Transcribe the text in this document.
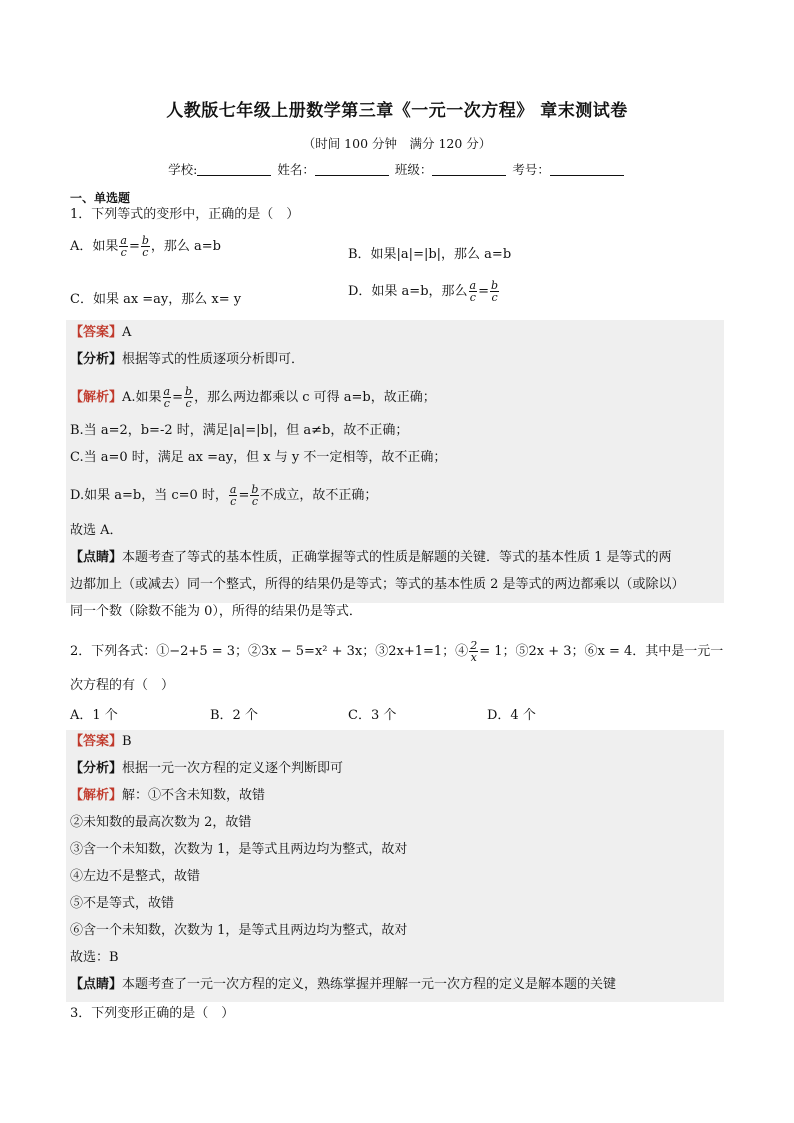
人教版七年级上册数学第三章《一元一次方程》 章末测试卷
（时间 100 分钟　满分 120 分）
学校:	姓名：	班级：	考号：
一、单选题
1．下列等式的变形中，正确的是（　）
A．如果 $\frac{a}{c} = \frac{b}{c}$ ，那么 a=b
B．如果|a|=|b|，那么 a=b
C．如果 ax =ay，那么 x= y
D．如果 a=b，那么 $\frac{a}{c} = \frac{b}{c}$
【答案】A
【分析】根据等式的性质逐项分析即可．
【解析】A.如果 $\frac{a}{c} = \frac{b}{c}$ ，那么两边都乘以 c 可得 a=b，故正确；
B.当 a=2，b=-2 时，满足|a|=|b|，但 a≠b，故不正确；
C.当 a=0 时，满足 ax =ay，但 x 与 y 不一定相等，故不正确；
D.如果 a=b，当 c=0 时， $\frac{a}{c} = \frac{b}{c}$ 不成立，故不正确；
故选 A．
【点睛】本题考查了等式的基本性质，正确掌握等式的性质是解题的关键．等式的基本性质 1 是等式的两
边都加上（或减去）同一个整式，所得的结果仍是等式；等式的基本性质 2 是等式的两边都乘以（或除以）
同一个数（除数不能为 0），所得的结果仍是等式．
2．下列各式：①−2+5 = 3；②3x − 5=x² + 3x；③2x+1=1；④ $\frac{2}{x} = 1$；⑤2x + 3；⑥x = 4．其中是一元一
次方程的有（　）
A．1 个	B．2 个	C．3 个	D．4 个
【答案】B
【分析】根据一元一次方程的定义逐个判断即可
【解析】解：①不含未知数，故错
②未知数的最高次数为 2，故错
③含一个未知数，次数为 1，是等式且两边均为整式，故对
④左边不是整式，故错
⑤不是等式，故错
⑥含一个未知数，次数为 1，是等式且两边均为整式，故对
故选：B
【点睛】本题考查了一元一次方程的定义，熟练掌握并理解一元一次方程的定义是解本题的关键
3．下列变形正确的是（　）
